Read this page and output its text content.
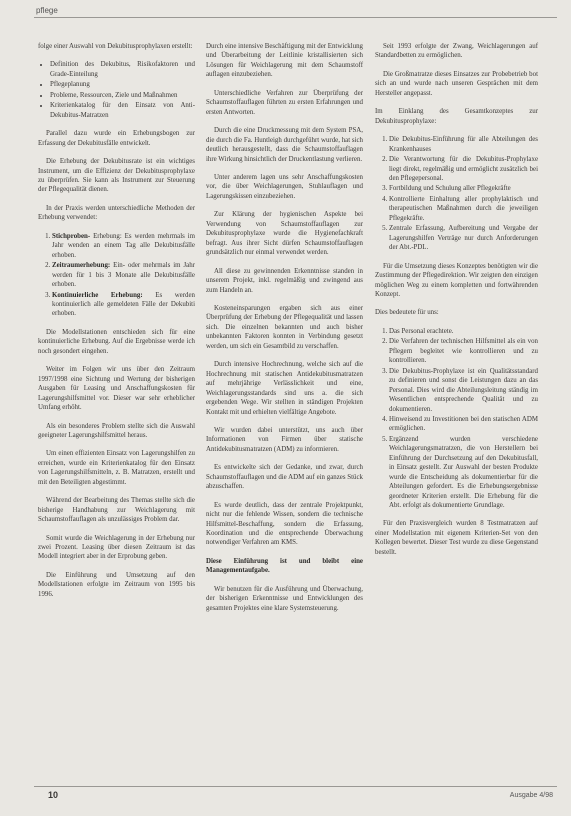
pflege

folge einer Auswahl von Dekubitusprophylaxen erstellt:

• Definition des Dekubitus, Risikofaktoren und Grade-Einteilung
• Pflegeplanung
• Probleme, Ressourcen, Ziele und Maßnahmen
• Kriterienkatalog für den Einsatz von Anti-Dekubitus-Matratzen

Parallel dazu wurde ein Erhebungsbogen zur Erfassung der Dekubitusfälle entwickelt.

Die Erhebung der Dekubitusrate ist ein wichtiges Instrument, um die Effizienz der Dekubitusprophylaxe zu überprüfen. Sie kann als Instrument zur Steuerung der Pflegequalität dienen.

In der Praxis werden unterschiedliche Methoden der Erhebung verwendet:

1. Stichproben- Erhebung: Es werden mehrmals im Jahr wenden an einem Tag alle Dekubitusfälle erhoben.
2. Zeitraumerhebung: Ein- oder mehrmals im Jahr werden für 1 bis 3 Monate alle Dekubitusfälle erhoben.
3. Kontinuierliche Erhebung: Es werden kontinuierlich alle gemeldeten Fälle der Dekubiti erhoben.

Die Modellstationen entschieden sich für eine kontinuierliche Erhebung. Auf die Ergebnisse werde ich noch gesondert eingehen.

Weiter im Folgen wir uns über den Zeitraum 1997/1998 eine Sichtung und Wertung der bisherigen Ausgaben für Leasing und Anschaffungskosten für Lagerungshilfsmittel vor. Dieser war sehr erheblicher Umfang erhöht.

Als ein besonderes Problem stellte sich die Auswahl geeigneter Lagerungshilfsmittel heraus.

Um einen effizienten Einsatz von Lagerungshilfen zu erreichen, wurde ein Kriterienkatalog für den Einsatz von Lagerungshilfsmitteln, z. B. Matratzen, erstellt und mit den Beteiligten abgestimmt.

Während der Bearbeitung des Themas stellte sich die bisherige Handhabung zur Weichlagerung mit Schaumstoffauflagen als unzulässiges Problem dar.

Somit wurde die Weichlagerung in der Erhebung nur zwei Prozent. Leasing über diesen Zeitraum ist das Modell integriert aber in der Erprobung geben.

Die Einführung und Umsetzung auf den Modellstationen erfolgte im Zeitraum von 1995 bis 1996.

Durch eine intensive Beschäftigung mit der Entwicklung und Überarbeitung der Leitlinie kristallisierten sich Lösungen für Weichlagerung mit dem Schaumstoff auflagen einzubeziehen.

Unterschiedliche Verfahren zur Überprüfung der Schaumstoffauflagen führten zu ersten Erfahrungen und ersten Antworten.

Durch die eine Druckmessung mit dem System PSA, die durch die Fa. Huntleigh durchgeführt wurde, hat sich deutlich herausgestellt, dass die Schaumstoffauflagen ihre Wirkung hinsichtlich der Druckentlastung verlieren.

Unter anderem lagen uns sehr Anschaffungskosten vor, die über Weichlagerungen, Stuhlauflagen und Lagerungskissen einzubeziehen.

Zur Klärung der hygienischen Aspekte bei Verwendung von Schaumstoffauflagen zur Dekubitusprophylaxe wurde die Hygienefachkraft befragt. Aus ihrer Sicht dürfen Schaumstoffauflagen grundsätzlich nur einmal verwendet werden.

All diese zu gewinnenden Erkenntnisse standen in unserem Projekt, inkl. regelmäßig und zwingend aus zum Handeln an.

Kosteneinsparungen ergaben sich aus einer Überprüfung der Erhebung der Pflegequalität und lassen sich. Die einzelnen bekannten und auch bisher unbekannten Faktoren konnten in Verbindung gesetzt werden, um sich ein Gesamtbild zu verschaffen.

Durch intensive Hochrechnung, welche sich auf die Hochrechnung mit statischen Antidekubitusmatratzen auf mehrjährige Verlässlichkeit und eine, Weichlagerungsstandards sind uns a. die sich ergebenden Wege. Wir stellten in ständigen Projekten Kontakt mit und erhielten vielfältige Angebote.

Wir wurden dabei unterstützt, uns auch über Informationen von Firmen über statische Antidekubitusmatratzen (ADM) zu informieren.

Es entwickelte sich der Gedanke, und zwar, durch Schaumstoffauflagen und die ADM auf ein ganzes Stück abzuschaffen.

Es wurde deutlich, dass der zentrale Projektpunkt, nicht nur die fehlende Wissen, sondern die technische Hilfsmittel-Beschaffung, sondern die Erfassung, Koordination und die entsprechende Überwachung notwendiger Verfahren am KMS.

Diese Einführung ist und bleibt eine Managementaufgabe.

Wir benutzen für die Ausführung und Überwachung, der bisherigen Erkenntnisse und Entwicklungen des gesamten Projektes eine klare Systemsteuerung.

Seit 1993 erfolgte der Zwang, Weichlagerungen auf Standardbetten zu ermöglichen.

Die Großmatratze dieses Einsatzes zur Probebetrieb bot sich an und wurde nach unseren Gesprächen mit dem Hersteller angepasst.

Im Einklang des Gesamtkonzeptes zur Dekubitusprophylaxe:

1. Die Dekubitus-Einführung für alle Abteilungen des Krankenhauses
2. Die Verantwortung für die Dekubitus-Prophylaxe liegt direkt, regelmäßig und ermöglicht zusätzlich bei den Pflegepersonal.
3. Fortbildung und Schulung aller Pflegekräfte
4. Kontrollierte Einhaltung aller prophylaktisch und therapeutischen Maßnahmen durch die jeweiligen Pflegekräfte.
5. Zentrale Erfassung, Aufbereitung und Vergabe der Lagerungshilfen Verträge nur durch Anforderungen der Abt.-PDL.

Für die Umsetzung dieses Konzeptes benötigten wir die Zustimmung der Pflegedirektion. Wir zeigten den einzigen möglichen Weg zu einem kompletten und fortwährenden Konzept.

Dies bedeutete für uns:

1. Das Personal erachtete.
2. Die Verfahren der technischen Hilfsmittel als ein von Pflegern begleitet wie kontrollieren und zu kontrollieren.
3. Die Dekubitus-Prophylaxe ist ein Qualitätsstandard zu definieren und sonst die Leistungen dazu an das Personal. Dies wird die Abteilungsleitung ständig im Wesentlichen entsprechende Qualität und zu dokumentieren.
4. Hinweisend zu Investitionen bei den statischen ADM ermöglichen.
5. Ergänzend wurden verschiedene Weichlagerungsmatratzen, die von Herstellern bei Einführung der Durchsetzung auf den Dekubitusfall, in Einsatz gestellt. Zur Auswahl der besten Produkte wurde die Entscheidung als dokumentierbar für die Abteilungen gefordert. Es die Erhebungsergebnisse geordneter Kriterien erstellt. Die Erhebung für die Abt. erfolgt als dokumentierte Grundlage.

Für den Praxisvergleich wurden 8 Testmatratzen auf einer Modellstation mit eigenem Kriterien-Set von den Kollegen bewertet. Dieser Test wurde zu diese Gegenstand bestellt.

10	Ausgabe 4/98
